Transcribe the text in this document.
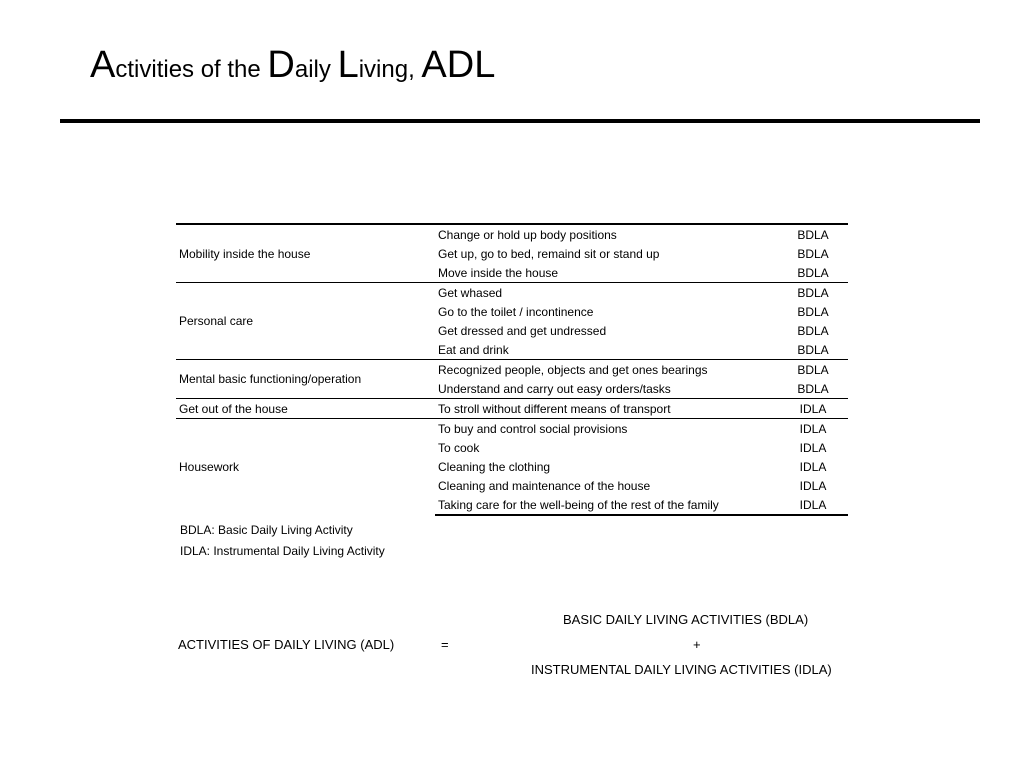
Activities of the Daily Living, ADL
Mobility inside the house	Change or hold up body positions	BDLA
	Get up, go to bed, remaind sit or stand up	BDLA
	Move inside the house	BDLA
Personal care	Get whased	BDLA
	Go to the toilet / incontinence	BDLA
	Get dressed and get undressed	BDLA
	Eat and drink	BDLA
Mental basic functioning/operation	Recognized people, objects and get ones bearings	BDLA
	Understand and carry out easy orders/tasks	BDLA
Get out of the house	To stroll without different means of transport	IDLA
Housework	To buy and control social provisions	IDLA
	To cook	IDLA
	Cleaning the clothing	IDLA
	Cleaning and maintenance of the house	IDLA
	Taking care for the well-being of the rest of the family	IDLA
BDLA: Basic Daily Living Activity
IDLA: Instrumental Daily Living Activity
ACTIVITIES OF DAILY LIVING (ADL)	=
BASIC DAILY LIVING ACTIVITIES (BDLA)
+
INSTRUMENTAL DAILY LIVING ACTIVITIES (IDLA)
